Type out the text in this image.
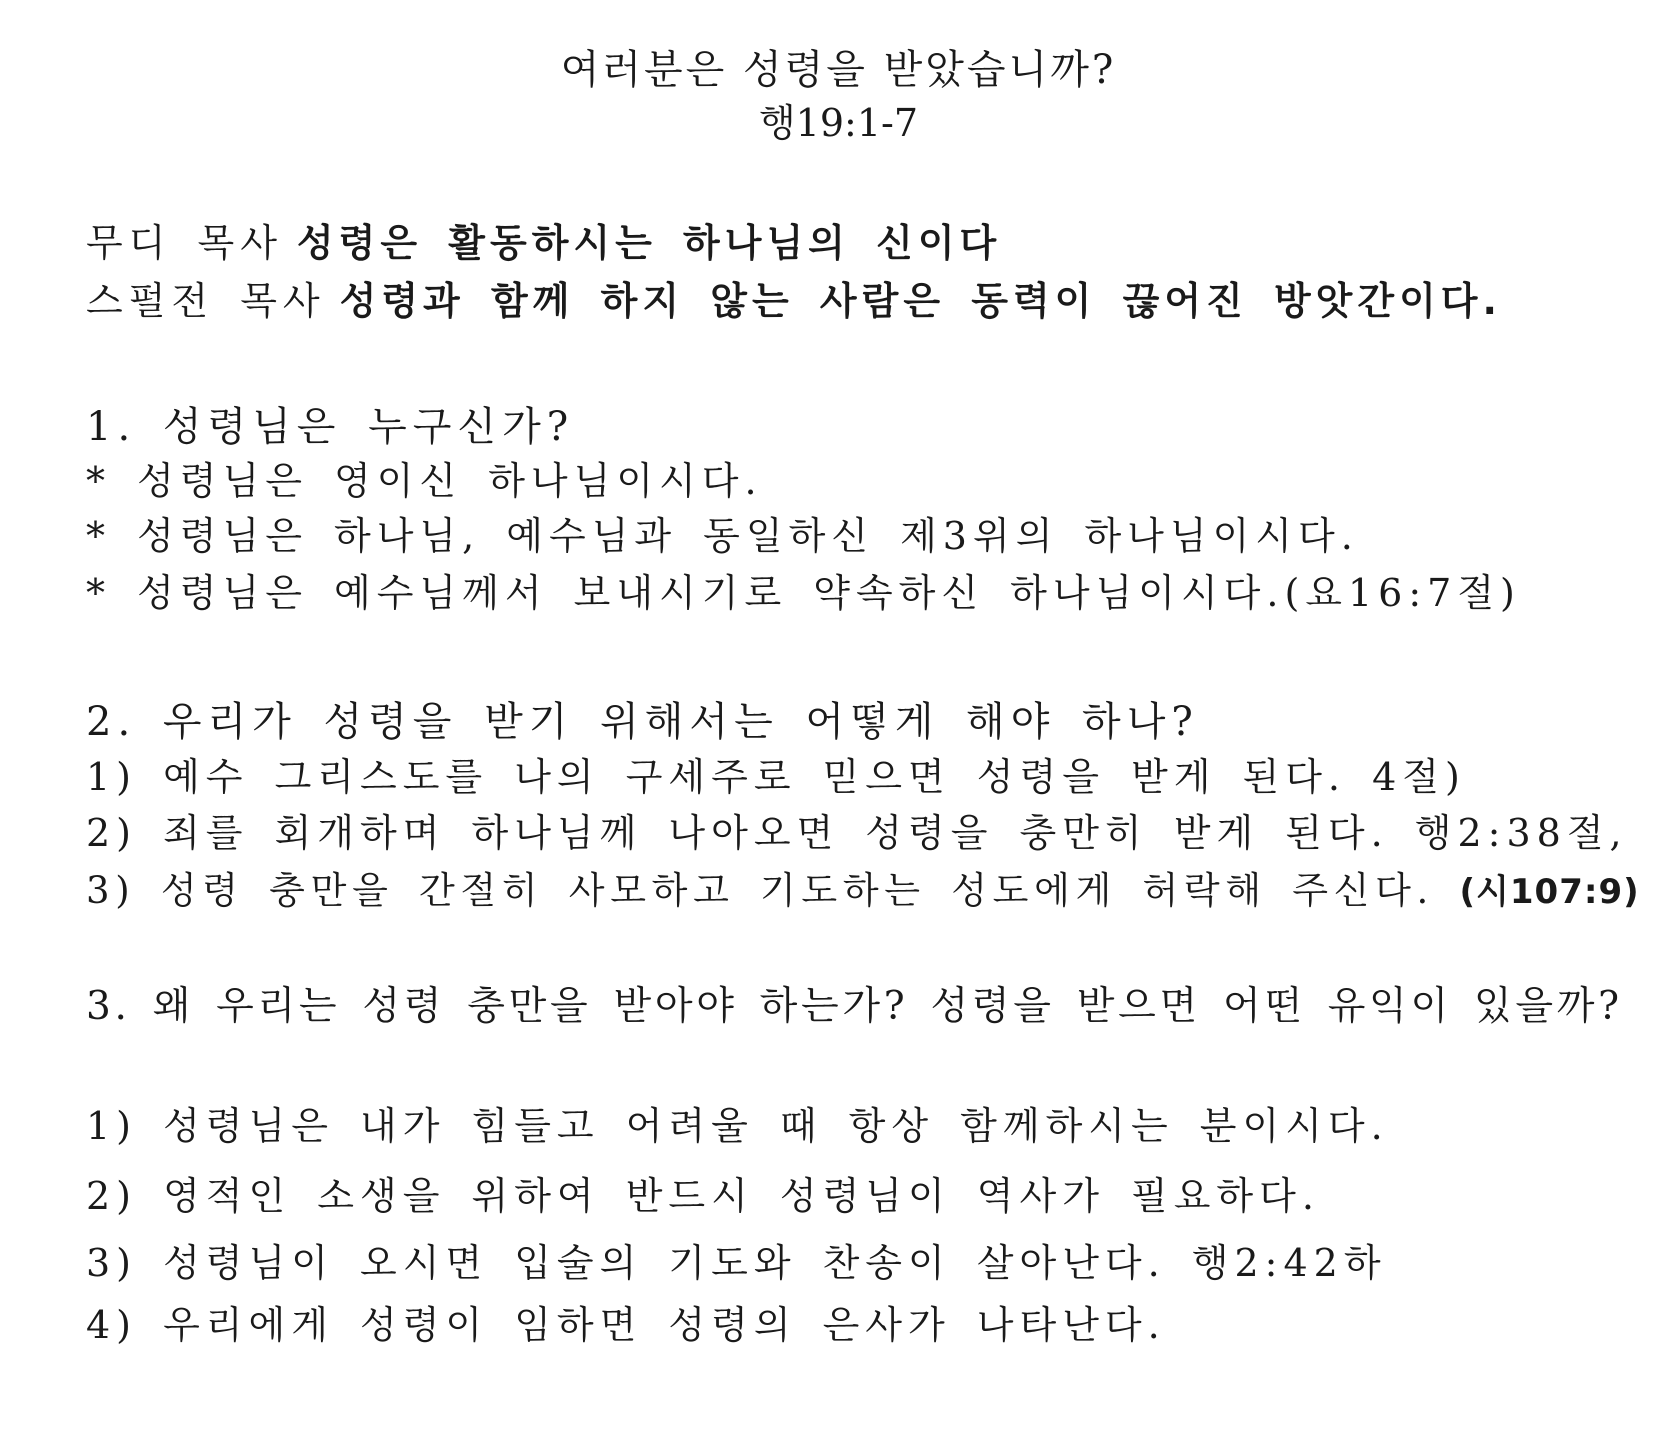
여러분은 성령을 받았습니까?
행19:1-7
무디 목사 성령은 활동하시는 하나님의 신이다
스펄전 목사 성령과 함께 하지 않는 사람은 동력이 끊어진 방앗간이다.
1. 성령님은 누구신가?
* 성령님은 영이신 하나님이시다.
* 성령님은 하나님, 예수님과 동일하신 제3위의 하나님이시다.
* 성령님은 예수님께서 보내시기로 약속하신 하나님이시다.(요16:7절)
2. 우리가 성령을 받기 위해서는 어떻게 해야 하나?
1) 예수 그리스도를 나의 구세주로 믿으면 성령을 받게 된다. 4절)
2) 죄를 회개하며 하나님께 나아오면 성령을 충만히 받게 된다. 행2:38절,
3) 성령 충만을 간절히 사모하고 기도하는 성도에게 허락해 주신다. (시107:9)
3. 왜 우리는 성령 충만을 받아야 하는가? 성령을 받으면 어떤 유익이 있을까?
1) 성령님은 내가 힘들고 어려울 때 항상 함께하시는 분이시다.
2) 영적인 소생을 위하여 반드시 성령님이 역사가 필요하다.
3) 성령님이 오시면 입술의 기도와 찬송이 살아난다. 행2:42하
4) 우리에게 성령이 임하면 성령의 은사가 나타난다.
